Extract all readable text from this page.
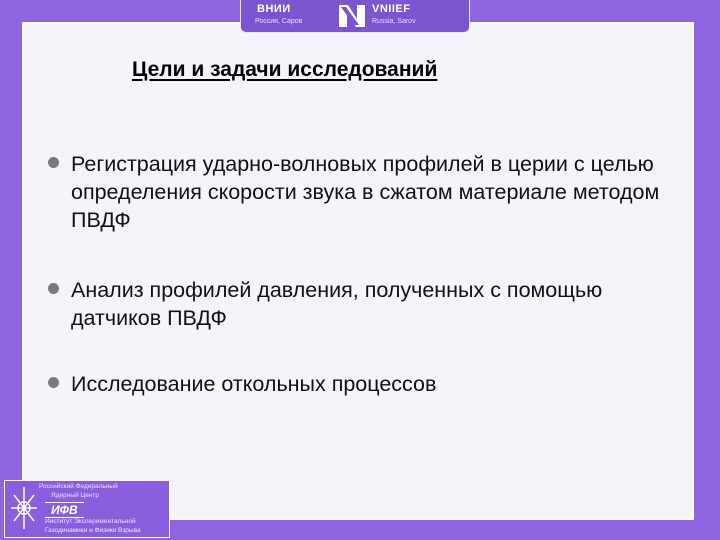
ВНИИ
Россия, Саров
VNIIEF
Russia, Sarov
Цели и задачи исследований
Регистрация ударно-волновых профилей в церии с целью определения скорости звука в сжатом материале методом ПВДФ
Анализ профилей давления, полученных с помощью датчиков ПВДФ
Исследование откольных процессов
Российский Федеральный
Ядерный Центр
ИФВ
Институт Экспериментальной
Газодинамики и Физики Взрыва
